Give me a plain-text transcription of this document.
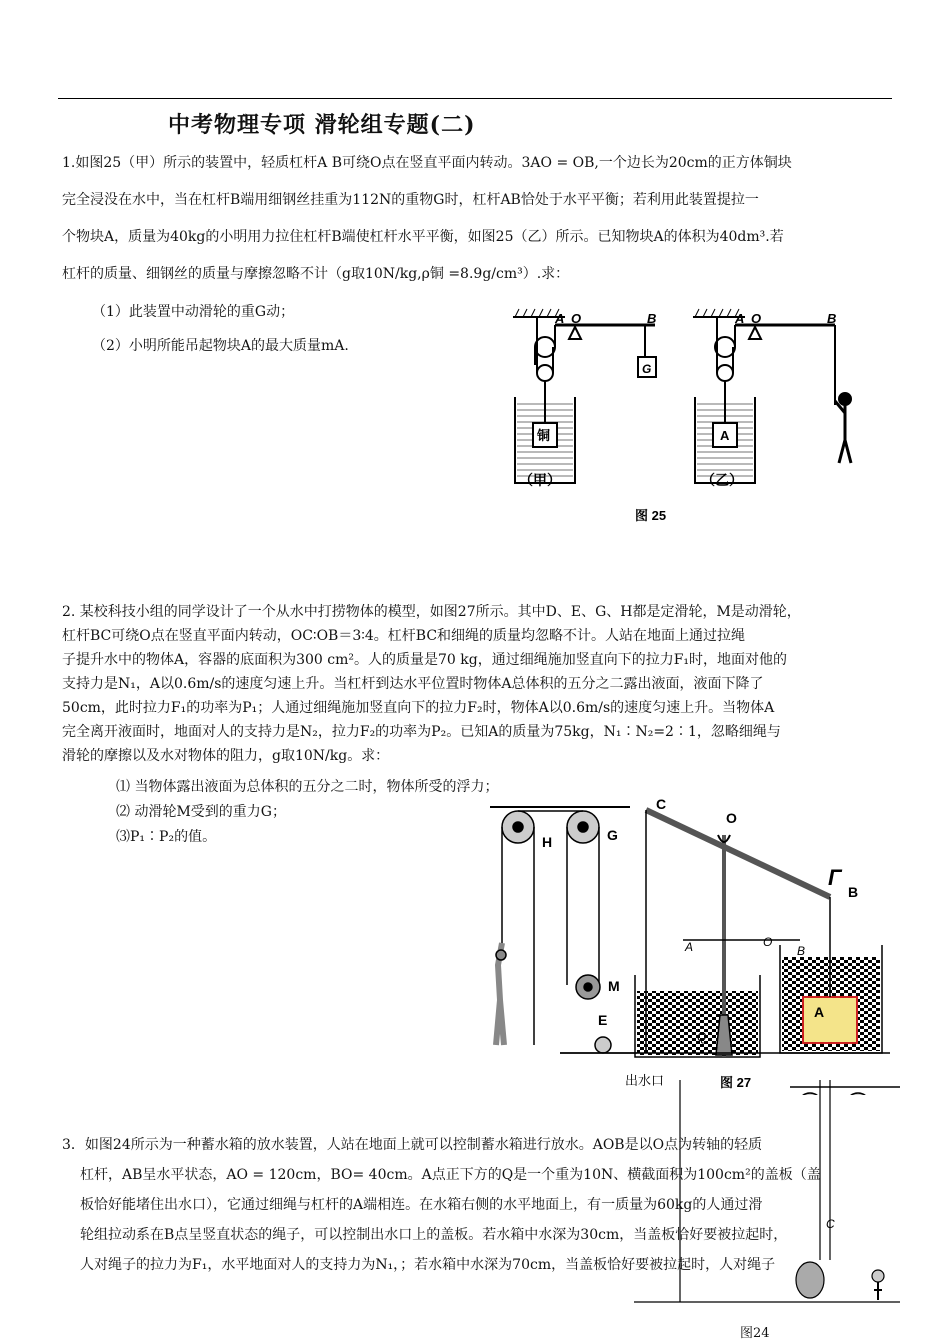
中考物理专项 滑轮组专题(二)
1.如图25（甲）所示的装置中，轻质杠杆A B可绕O点在竖直平面内转动。3AO = OB,一个边长为20cm的正方体铜块
完全浸没在水中，当在杠杆B端用细钢丝挂重为112N的重物G时，杠杆AB恰处于水平平衡；若利用此装置提拉一
个物块A，质量为40kg的小明用力拉住杠杆B端使杠杆水平平衡，如图25（乙）所示。已知物块A的体积为40dm³.若
杠杆的质量、细钢丝的质量与摩擦忽略不计（g取10N/kg,ρ铜 =8.9g/cm³）.求：
（1）此装置中动滑轮的重G动；
（2）小明所能吊起物块A的最大质量mA.
A O	B
G
铜
A O	B
A
（甲）	（乙）
图 25
2. 某校科技小组的同学设计了一个从水中打捞物体的模型，如图27所示。其中D、E、G、H都是定滑轮，M是动滑轮，
杠杆BC可绕O点在竖直平面内转动，OC∶OB＝3∶4。杠杆BC和细绳的质量均忽略不计。人站在地面上通过拉绳
子提升水中的物体A，容器的底面积为300 cm²。人的质量是70 kg，通过细绳施加竖直向下的拉力F₁时，地面对他的
支持力是N₁，A以0.6m/s的速度匀速上升。当杠杆到达水平位置时物体A总体积的五分之二露出液面，液面下降了
50cm，此时拉力F₁的功率为P₁；人通过细绳施加竖直向下的拉力F₂时，物体A以0.6m/s的速度匀速上升。当物体A
完全离开液面时，地面对人的支持力是N₂，拉力F₂的功率为P₂。已知A的质量为75kg，N₁∶N₂=2∶1，忽略细绳与
滑轮的摩擦以及水对物体的阻力，g取10N/kg。求：
⑴ 当物体露出液面为总体积的五分之二时，物体所受的浮力；
⑵ 动滑轮M受到的重力G；
⑶P₁∶P₂的值。
C
O
B
Γ
H	G
M
E	A
A	O
B
Q
出水口	图 27
3．如图24所示为一种蓄水箱的放水装置，人站在地面上就可以控制蓄水箱进行放水。AOB是以O点为转轴的轻质
杠杆，AB呈水平状态，AO = 120cm，BO= 40cm。A点正下方的Q是一个重为10N、横截面积为100cm²的盖板（盖
板恰好能堵住出水口），它通过细绳与杠杆的A端相连。在水箱右侧的水平地面上，有一质量为60kg的人通过滑
轮组拉动系在B点呈竖直状态的绳子，可以控制出水口上的盖板。若水箱中水深为30cm，当盖板恰好要被拉起时，
人对绳子的拉力为F₁，水平地面对人的支持力为N₁，；若水箱中水深为70cm，当盖板恰好要被拉起时，人对绳子
C
图24
